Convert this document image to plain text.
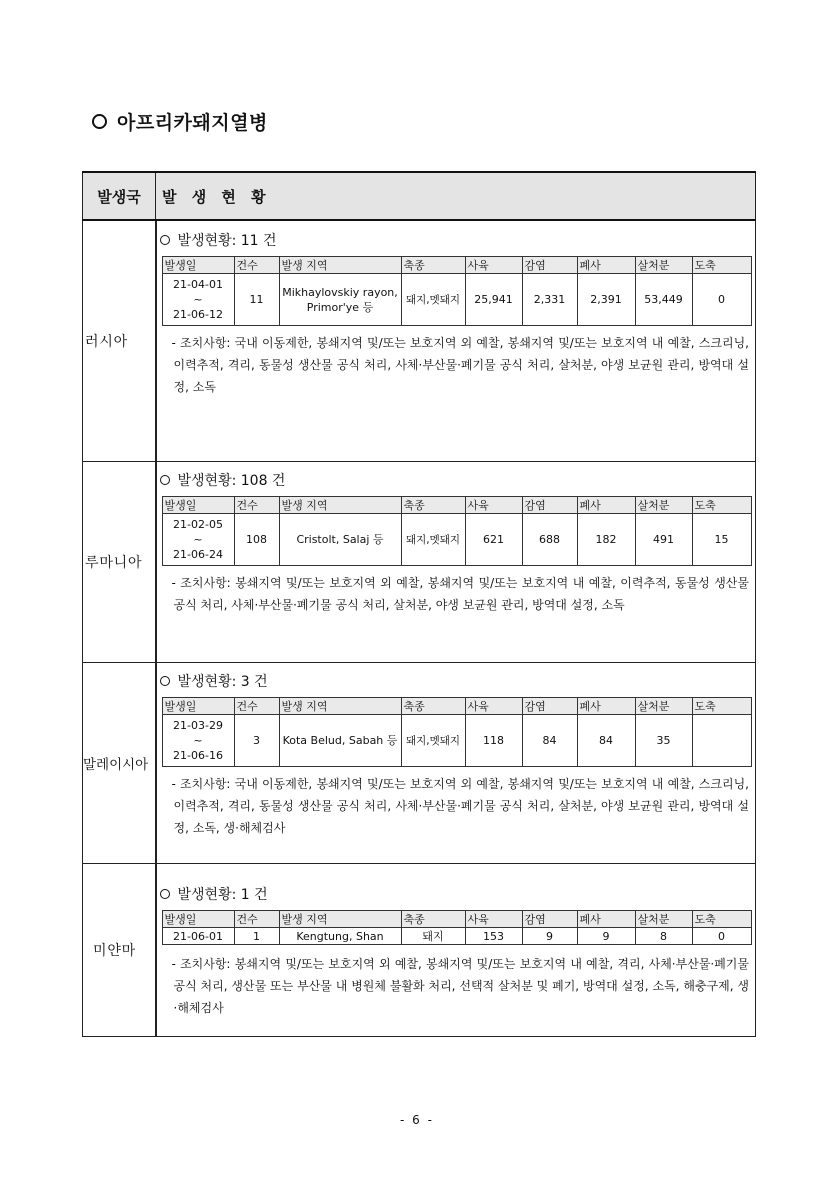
아프리카돼지열병
발생국	발 생 현 황
러시아	
발생현황: 11 건
발생일	건수	발생 지역	축종	사육	감염	폐사	살처분	도축

21-04-01
~
21-06-12
	11	Mikhaylovskiy rayon, Primor'ye 등	돼지,멧돼지	25,941	2,331	2,391	53,449	0
- 조치사항: 국내 이동제한, 봉쇄지역 및/또는 보호지역 외 예찰, 봉쇄지역 및/또는 보호지역 내 예찰, 스크리닝, 이력추적, 격리, 동물성 생산물 공식 처리, 사체·부산물·폐기물 공식 처리, 살처분, 야생 보균원 관리, 방역대 설정, 소독

루마니아	
발생현황: 108 건
발생일	건수	발생 지역	축종	사육	감염	폐사	살처분	도축

21-02-05
~
21-06-24
	108	Cristolt, Salaj 등	돼지,멧돼지	621	688	182	491	15
- 조치사항: 봉쇄지역 및/또는 보호지역 외 예찰, 봉쇄지역 및/또는 보호지역 내 예찰, 이력추적, 동물성 생산물 공식 처리, 사체·부산물·폐기물 공식 처리, 살처분, 야생 보균원 관리, 방역대 설정, 소독

말레이시아	
발생현황: 3 건
발생일	건수	발생 지역	축종	사육	감염	폐사	살처분	도축

21-03-29
~
21-06-16
	3	Kota Belud, Sabah 등	돼지,멧돼지	118	84	84	35	
- 조치사항: 국내 이동제한, 봉쇄지역 및/또는 보호지역 외 예찰, 봉쇄지역 및/또는 보호지역 내 예찰, 스크리닝, 이력추적, 격리, 동물성 생산물 공식 처리, 사체·부산물·폐기물 공식 처리, 살처분, 야생 보균원 관리, 방역대 설정, 소독, 생·해체검사

미얀마	
발생현황: 1 건
발생일	건수	발생 지역	축종	사육	감염	폐사	살처분	도축
21-06-01	1	Kengtung, Shan	돼지	153	9	9	8	0
- 조치사항: 봉쇄지역 및/또는 보호지역 외 예찰, 봉쇄지역 및/또는 보호지역 내 예찰, 격리, 사체·부산물·폐기물 공식 처리, 생산물 또는 부산물 내 병원체 불활화 처리, 선택적 살처분 및 폐기, 방역대 설정, 소독, 해충구제, 생·해체검사
- 6 -
